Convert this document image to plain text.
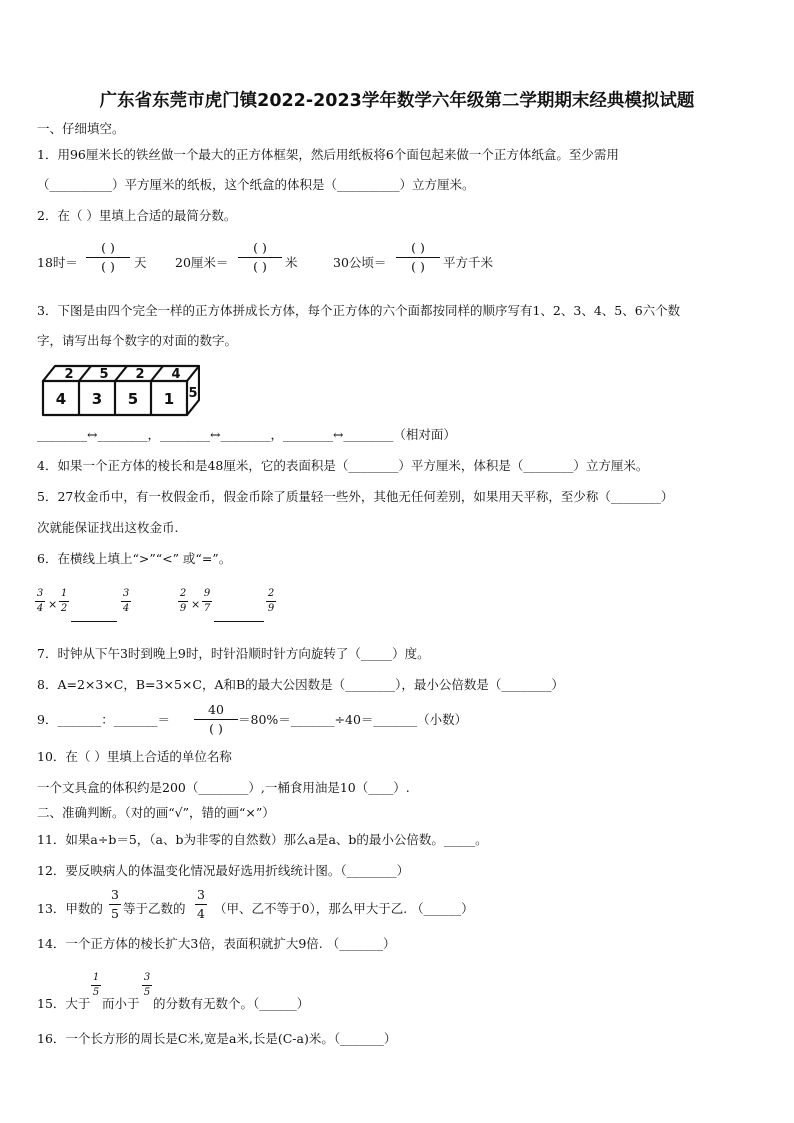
广东省东莞市虎门镇2022-2023学年数学六年级第二学期期末经典模拟试题
一、仔细填空。
1．用96厘米长的铁丝做一个最大的正方体框架，然后用纸板将6个面包起来做一个正方体纸盒。至少需用
（__________）平方厘米的纸板，这个纸盒的体积是（__________）立方厘米。
2．在（ ）里填上合适的最简分数。
18时＝
( )
( )	天 20厘米＝
( )
( )	米	30公顷＝
( )
( )	平方千米
3．下图是由四个完全一样的正方体拼成长方体，每个正方体的六个面都按同样的顺序写有1、2、3、4、5、6六个数
字，请写出每个数字的对面的数字。
4 3 5 1
2 5 2 4
5
________↔________，________↔________，________↔________（相对面）
4．如果一个正方体的棱长和是48厘米，它的表面积是（________）平方厘米，体积是（________）立方厘米。
5．27枚金币中，有一枚假金币，假金币除了质量轻一些外，其他无任何差别，如果用天平称，至少称（________）
次就能保证找出这枚金币.
6．在横线上填上“>”“<” 或“=”。
3
4 ×
1
2
3
4
2
9 ×
9
7
2
9
7．时钟从下午3时到晚上9时，时针沿顺时针方向旋转了（_____）度。
8．A=2×3×C，B=3×5×C，A和B的最大公因数是（________），最小公倍数是（________）
9．_______：_______＝
40
( )
＝80%＝_______÷40＝_______（小数）
10．在（ ）里填上合适的单位名称
一个文具盒的体积约是200（________）,一桶食用油是10（____）.
二、准确判断。（对的画“√”，错的画“×”）
11．如果a÷b＝5，（a、b为非零的自然数）那么a是a、b的最小公倍数。_____。
12．要反映病人的体温变化情况最好选用折线统计图。（________）
13．甲数的
3
5 等于乙数的
3
4 （甲、乙不等于0），那么甲大于乙. （______）
14．一个正方体的棱长扩大3倍，表面积就扩大9倍. （_______）
15．大于
1
5
而小于
3
5
的分数有无数个。（______）
16．一个长方形的周长是C米,宽是a米,长是(C-a)米。（_______）
